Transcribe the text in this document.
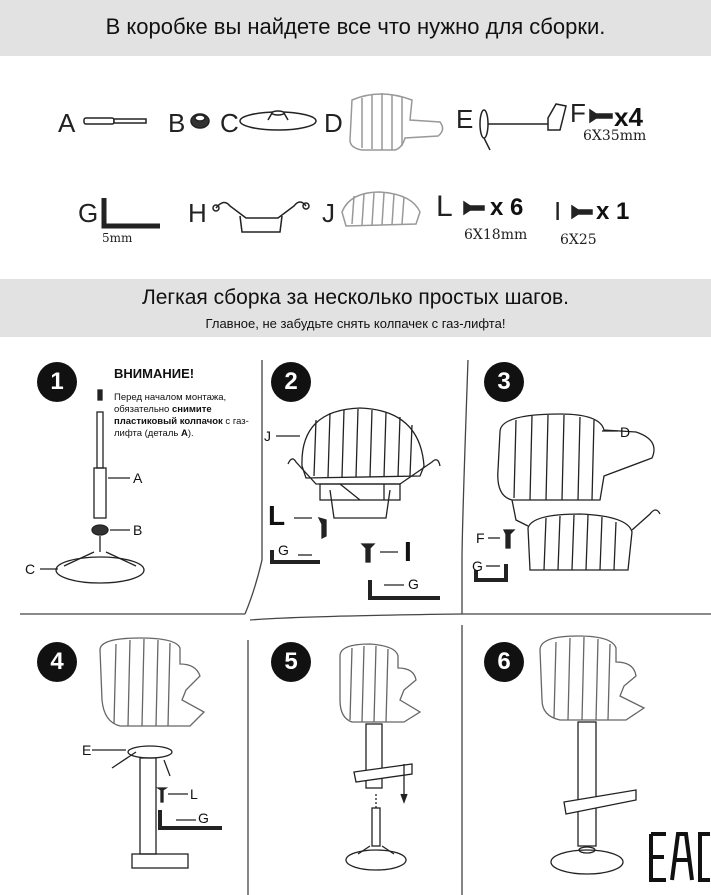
В коробке вы найдете все что нужно для сборки.
A	B C	D	E	F x4
6X35mm
G
5mm
H	J	L x 6
6X18mm
I x 1
6X25
Легкая сборка за несколько простых шагов.
Главное, не забудьте снять колпачек с газ-лифта!
1	2	3
4	5	6
ВНИМАНИЕ!
Перед началом монтажа, обязательно снимите пластиковый колпачок с газ-лифта (деталь A).
A
B
C
J
L
G	I
G
D
F
G
E
L
G
